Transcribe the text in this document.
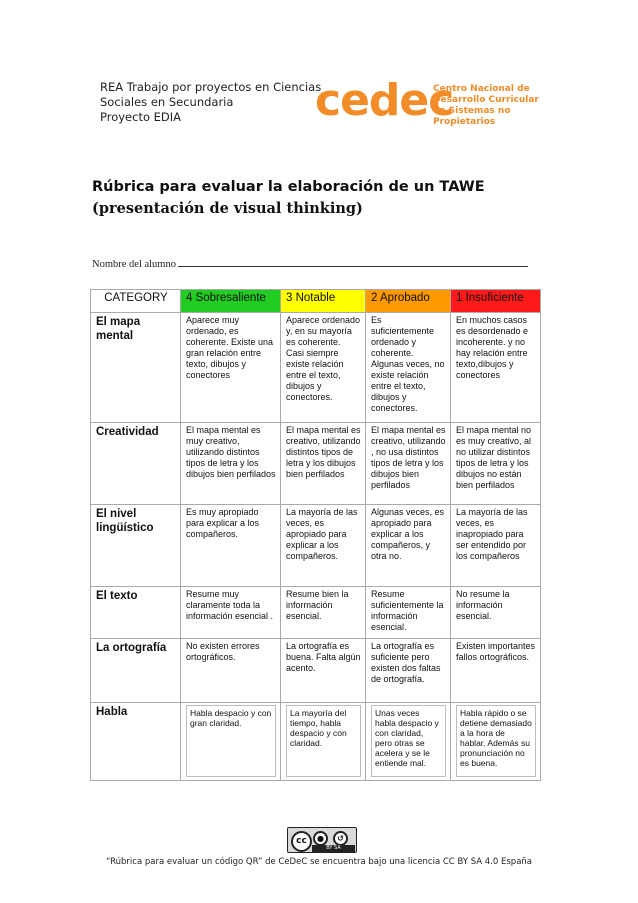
REA Trabajo por proyectos en Ciencias
Sociales en Secundaria
Proyecto EDIA	cedec
Centro Nacional de
Desarrollo Curricular
en Sistemas no Propietarios
Rúbrica para evaluar la elaboración de un TAWE (presentación de visual thinking)
Nombre del alumno
CATEGORY	4 Sobresaliente	3 Notable	2 Aprobado	1 Insuficiente
El mapa mental	Aparece muy ordenado, es coherente. Existe una gran relación entre texto, dibujos y conectores	Aparece ordenado y, en su mayoría es coherente. Casi siempre existe relación entre el texto, dibujos y conectores.	Es suficientemente ordenado y coherente. Algunas veces, no existe relación entre el texto, dibujos y conectores.	En muchos casos es desordenado e incoherente. y no hay relación entre texto,dibujos y conectores
Creatividad	El mapa mental es muy creativo, utilizando distintos tipos de letra y los dibujos bien perfilados	El mapa mental es creativo, utilizando distintos tipos de letra y los dibujos bien perfilados	El mapa mental es creativo, utilizando , no usa distintos tipos de letra y los dibujos bien perfilados	El mapa mental no es muy creativo, al no utilizar distintos tipos de letra y los dibujos no están bien perfilados
El nivel lingüístico	Es muy apropiado para explicar a los compañeros.	La mayoría de las veces, es apropiado para explicar a los compañeros.	Algunas veces, es apropiado para explicar a los compañeros, y otra no.	La mayoría de las veces, es inapropiado para ser entendido por los compañeros
El texto	Resume muy claramente toda la información esencial .	Resume bien la información esencial.	Resume suficientemente la información esencial.	No resume la información esencial.
La ortografía	No existen errores ortográficos.	La ortografía es buena. Falta algún acento.	La ortografía es suficiente pero existen dos faltas de ortografía.	Existen importantes fallos ortográficos.
Habla	Habla despacio y con gran claridad.	La mayoría del tiempo, habla despacio y con claridad.	Unas veces habla despacio y con claridad, pero otras se acelera y se le entiende mal.	Habla rápido o se detiene demasiado a la hora de hablar. Además su pronunciación no es buena.
cc	●	↺
BY SA
“Rúbrica para evaluar un código QR” de CeDeC se encuentra bajo una licencia CC BY SA 4.0 España
